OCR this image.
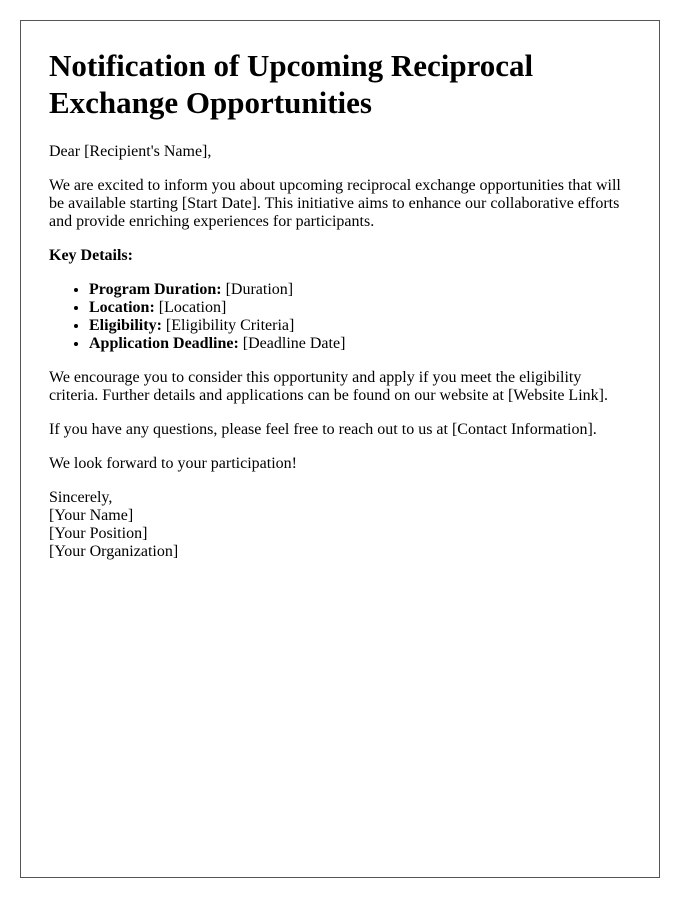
Notification of Upcoming Reciprocal Exchange Opportunities

Dear [Recipient's Name],

We are excited to inform you about upcoming reciprocal exchange opportunities that will be available starting [Start Date]. This initiative aims to enhance our collaborative efforts and provide enriching experiences for participants.

Key Details:

• Program Duration: [Duration]
• Location: [Location]
• Eligibility: [Eligibility Criteria]
• Application Deadline: [Deadline Date]

We encourage you to consider this opportunity and apply if you meet the eligibility criteria. Further details and applications can be found on our website at [Website Link].

If you have any questions, please feel free to reach out to us at [Contact Information].

We look forward to your participation!

Sincerely,
[Your Name]
[Your Position]
[Your Organization]
